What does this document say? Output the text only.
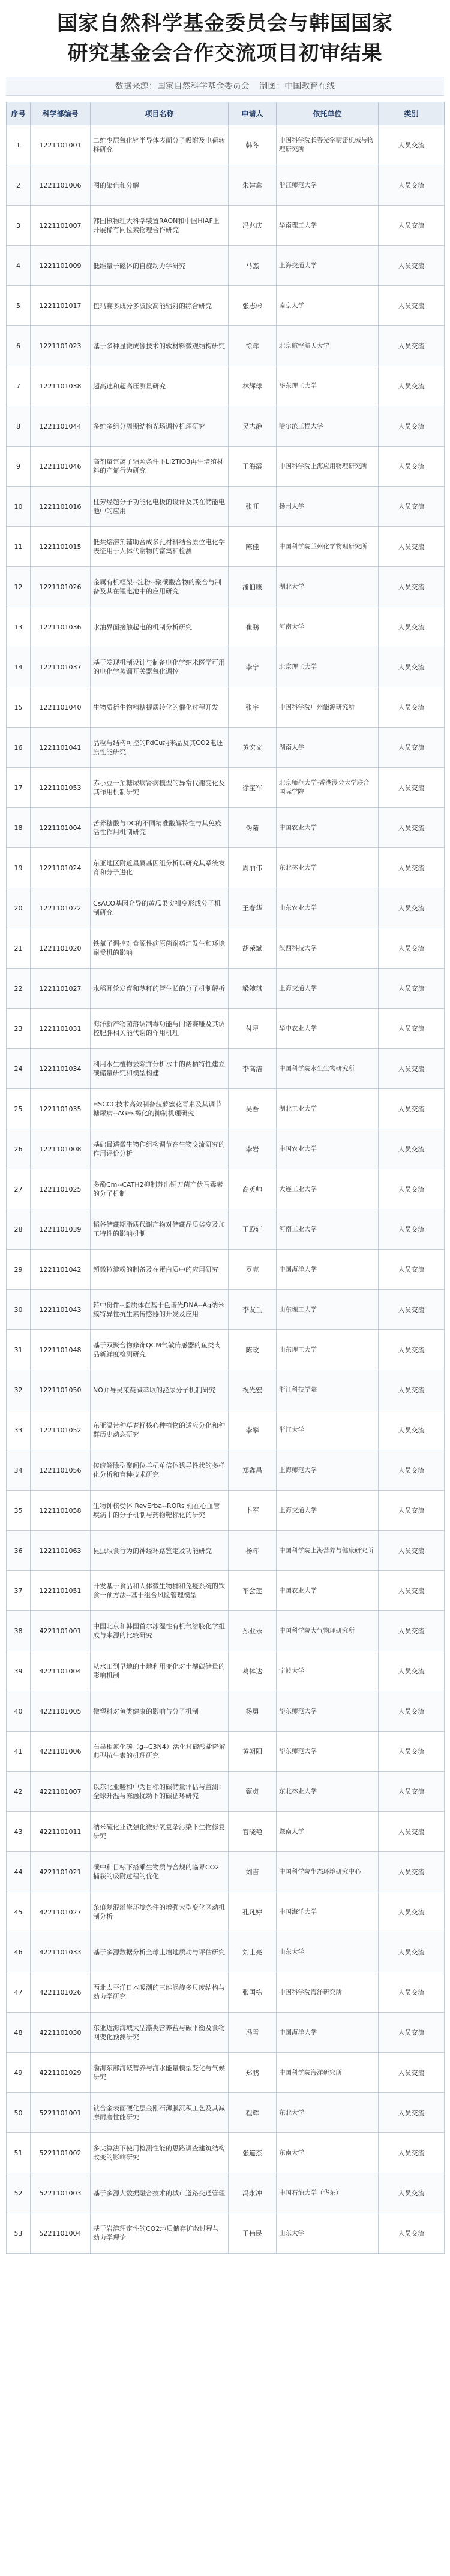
国家自然科学基金委员会与韩国国家
研究基金会合作交流项目初审结果
数据来源：国家自然科学基金委员会 制图：中国教育在线
序号	科学部编号	项目名称	申请人	依托单位	类别
1	1221101001	二维少层氧化锌半导体表面分子吸附及电荷转移研究	韩冬	中国科学院长春光学精密机械与物理研究所	人员交流
2	1221101006	图的染色和分解	朱建鑫	浙江师范大学	人员交流
3	1221101007	韩国核物理大科学装置RAON和中国HIAF上开展稀有同位素物理合作研究	冯兆庆	华南理工大学	人员交流
4	1221101009	低维量子磁体的自旋动力学研究	马杰	上海交通大学	人员交流
5	1221101017	包玛赛多成分多波段高能辐射的综合研究	张志彬	南京大学	人员交流
6	1221101023	基于多种显微成像技术的软材料微观结构研究	徐晖	北京航空航天大学	人员交流
7	1221101038	超高速和超高压测量研究	林辉球	华东理工大学	人员交流
8	1221101044	多维多组分周期结构光场调控机理研究	吴志静	哈尔滨工程大学	人员交流
9	1221101046	高剂量氘离子辐照条件下Li2TiO3再生增殖材料的产氚行为研究	王海霞	中国科学院上海应用物理研究所	人员交流
10	1221101016	柱芳烃超分子功能化电极的设计及其在储能电池中的应用	张旺	扬州大学	人员交流
11	1221101015	低共熔溶剂辅助合成多孔材料结合原位电化学表征用于人体代谢物的富集和检测	陈佳	中国科学院兰州化学物理研究所	人员交流
12	1221101026	金属有机框架--淀粉--聚碳酸合物的聚合与制备及其在锂电池中的应用研究	潘伯康	湖北大学	人员交流
13	1221101036	水油界面接触起电的机制分析研究	崔鹏	河南大学	人员交流
14	1221101037	基于发现机制设计与制备电化学纳米医学可用的电化学蒸馏开关器氧化调控	李宁	北京理工大学	人员交流
15	1221101040	生物质衍生物精糖提质转化的催化过程开发	张宇	中国科学院广州能源研究所	人员交流
16	1221101041	晶粒与结构可控的PdCu纳米晶及其CO2电还原性能研究	黄宏文	湖南大学	人员交流
17	1221101053	赤小豆干预糖尿病肾病模型的异常代谢变化及其作用机制研究	徐宝军	北京师范大学-香港浸会大学联合国际学院	人员交流
18	1221101004	苦荞糖酸与DC的不同精准酸解特性与其免疫活性作用机制研究	伪菊	中国农业大学	人员交流
19	1221101024	东亚地区附近星属基因组分析以研究其系统发育和分子进化	周丽伟	东北林业大学	人员交流
20	1221101022	CsACO基因介导的黄瓜果实褐变形成分子机制研究	王春华	山东农业大学	人员交流
21	1221101020	铁氧子调控对食源性病原菌耐药汇发生和环境耐受机的影响	胡荣斌	陕西科技大学	人员交流
22	1221101027	水稻耳轮发育和茎秆的管生长的分子机制解析	梁婉琪	上海交通大学	人员交流
23	1221101031	海洋新产物菌落调制毒功能与门诺赛雕及其调控肥胖相关能代谢的作用机理	付星	华中农业大学	人员交流
24	1221101034	利用水生植物去除并分析水中的两栖特性建立碳储量研究和模型构建	李高洁	中国科学院水生生物研究所	人员交流
25	1221101035	HSCCC技术高效制备菠萝蜜花青素及其调节糖尿病--AGEs褐化的抑制机理研究	吴吾	湖北工业大学	人员交流
26	1221101008	基础最适微生物作组构调节在生物交流研究的作用评价分析	李岩	中国农业大学	人员交流
27	1221101025	多酚Cm--CATH2抑制苏出铜刀菌产伏马毒素的分子机制	高英帅	大连工业大学	人员交流
28	1221101039	稻谷储藏期脂质代谢产物对储藏品质劣变及加工特性的影响机制	王殿轩	河南工业大学	人员交流
29	1221101042	超微粒淀粉的制备及在蛋白质中的应用研究	罗克	中国海洋大学	人员交流
30	1221101043	转中份件--脂质体在基于色谱光DNA--Ag纳米簇特异性抗生素传感器的开发及应用	李友兰	山东理工大学	人员交流
31	1221101048	基于双聚合物修饰QCM气敏传感器的鱼类肉品新鲜度检测研究	陈政	山东理工大学	人员交流
32	1221101050	NO介导吴茱萸碱萃取的泌尿分子机制研究	祝光宏	浙江科技学院	人员交流
33	1221101052	东亚温带种草春籽核心种植物的适应分化和种群历史动态研究	李攀	浙江大学	人员交流
34	1221101056	传统解除型聚间位羊杞单倍体诱导性状的多样化分析和育种技术研究	郑鑫昌	上海师范大学	人员交流
35	1221101058	生物钟核受体 RevErba--RORs 轴在心血管疾病中的分子机制与药物靶标化的研究	卜军	上海交通大学	人员交流
36	1221101063	昆虫取食行为的神经环路鉴定及功能研究	杨晖	中国科学院上海营养与健康研究所	人员交流
37	1221101051	开发基于食品和人体微生物群和免疫系统的饮食干预方法--基于组合风险管理模型	车会莲	中国农业大学	人员交流
38	4221101001	中国北京和韩国首尔冰湿性有机气溶胶化学组成与来源的比较研究	孙业乐	中国科学院大气物理研究所	人员交流
39	4221101004	从水田到早地的土地利用变化对土壤碳储量的影响机制	葛体达	宁波大学	人员交流
40	4221101005	微塑料对鱼类健康的影响与分子机制	杨勇	华东师范大学	人员交流
41	4221101006	石墨相氮化碳（g--C3N4）活化过硫酸盐降解典型抗生素的机理研究	黄朝阳	华东师范大学	人员交流
42	4221101007	以东北亚暖和中为目标的碳储量评估与监测：全球升温与冻融扰动下的碳循环研究	甄贞	东北林业大学	人员交流
43	4221101011	纳米硫化亚铁强化微好氧复杂污染下生物修复研究	官晓艳	暨南大学	人员交流
44	4221101021	碳中和目标下搭乘生物质与合规的临界CO2捕获的吸附过程的优化	刘吉	中国科学院生态环境研究中心	人员交流
45	4221101027	条痕复混溢岸环境条件的增强大型变化区动机制分析	孔凡婷	中国海洋大学	人员交流
46	4221101033	基于多源数据分析全球土壤地质动与评估研究	刘士亮	山东大学	人员交流
47	4221101026	西北太平洋日本暖潮的三维涡旋多尺度结构与动力学研究	张国栋	中国科学院海洋研究所	人员交流
48	4221101030	东亚近海海域大型藻类营养盐与碳平衡及食物网变化预测研究	冯雪	中国海洋大学	人员交流
49	4221101029	渤海东部海域营养与海水能量模型变化与气候研究	郑鹏	中国科学院海洋研究所	人员交流
50	5221101001	钛合金表面硬化层金刚石薄膜沉积工艺及其减摩耐磨性能研究	程辉	东北大学	人员交流
51	5221101002	多尖算法下使用检测性能的思路调查建筑结构改变的影响研究	张道杰	东南大学	人员交流
52	5221101003	基于多源大数据融合技术的城市道路交通管理	冯永冲	中国石油大学（华东）	人员交流
53	5221101004	基于岩溶理定性的CO2地质储存扩散过程与动力学理论	王伟民	山东大学	人员交流
